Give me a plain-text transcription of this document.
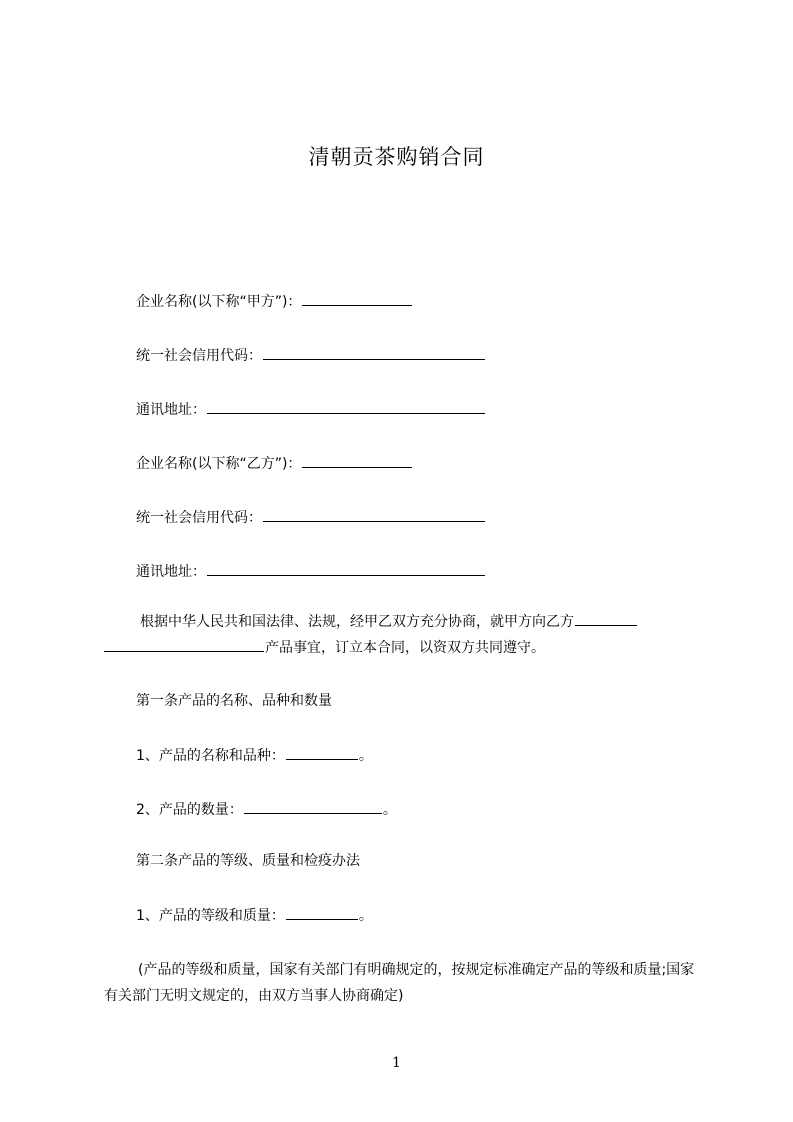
清朝贡茶购销合同
企业名称(以下称“甲方”)：
统一社会信用代码：
通讯地址：
企业名称(以下称“乙方”)：
统一社会信用代码：
通讯地址：
根据中华人民共和国法律、法规，经甲乙双方充分协商，就甲方向乙方
产品事宜，订立本合同，以资双方共同遵守。
第一条产品的名称、品种和数量
1、产品的名称和品种：	。
2、产品的数量：	。
第二条产品的等级、质量和检疫办法
1、产品的等级和质量：	。
(产品的等级和质量，国家有关部门有明确规定的，按规定标准确定产品的等级和质量;国家有关部门无明文规定的，由双方当事人协商确定)
1
